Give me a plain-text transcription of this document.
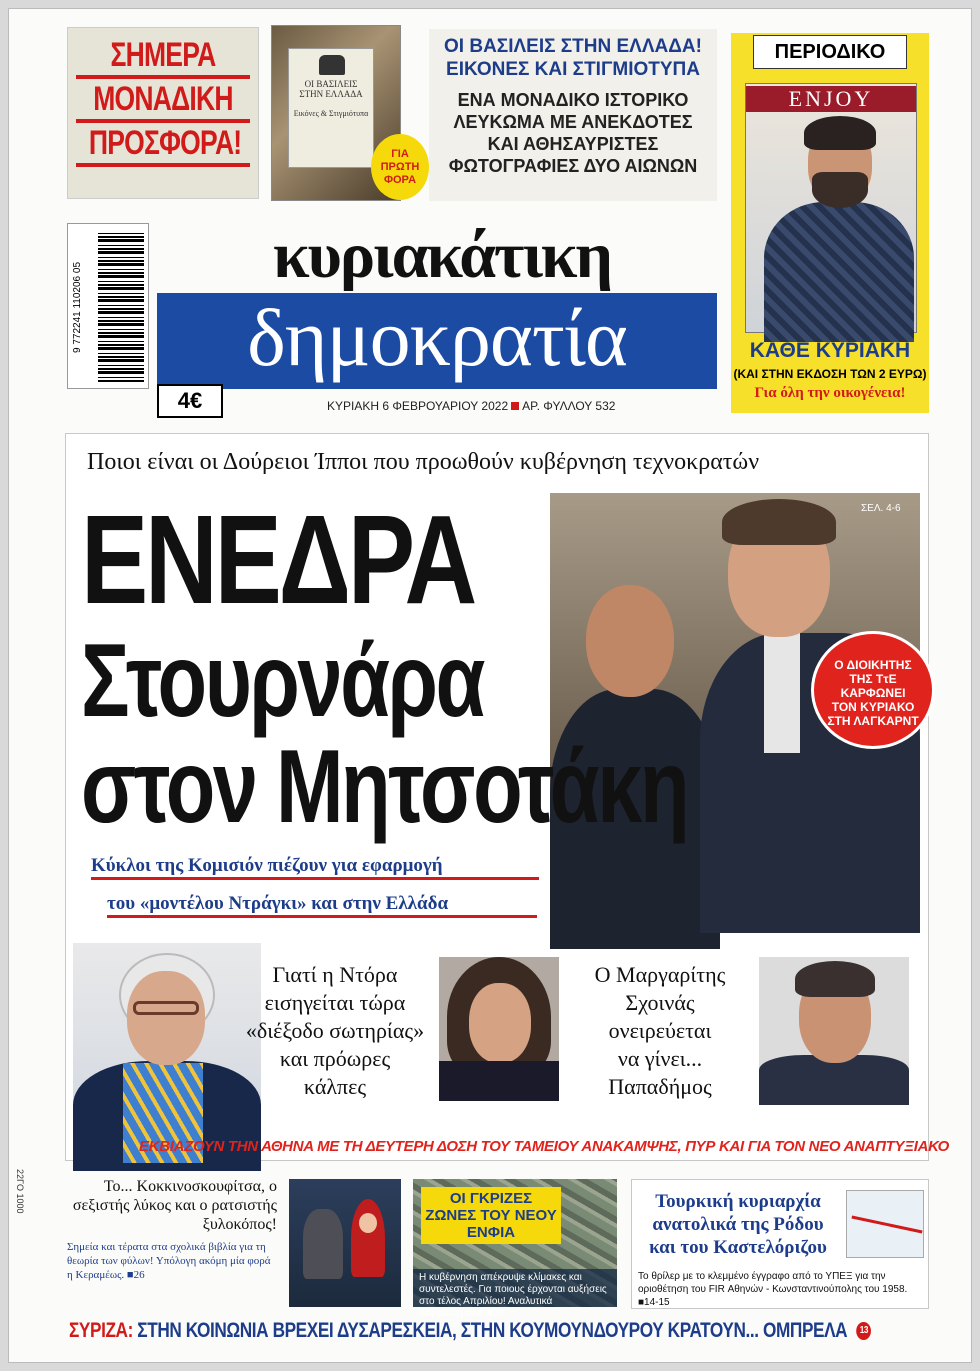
ΣΗΜΕΡΑ
ΜΟΝΑΔΙΚΗ
ΠΡΟΣΦΟΡΑ!
ΟΙ ΒΑΣΙΛΕΙΣ ΣΤΗΝ ΕΛΛΑΔΑ
Εικόνες & Στιγμιότυπα
ΓΙΑ
ΠΡΩΤΗ
ΦΟΡΑ
ΟΙ ΒΑΣΙΛΕΙΣ ΣΤΗΝ ΕΛΛΑΔΑ!
ΕΙΚΟΝΕΣ ΚΑΙ ΣΤΙΓΜΙΟΤΥΠΑ
ΕΝΑ ΜΟΝΑΔΙΚΟ ΙΣΤΟΡΙΚΟ
ΛΕΥΚΩΜΑ ΜΕ ΑΝΕΚΔΟΤΕΣ
ΚΑΙ ΑΘΗΣΑΥΡΙΣΤΕΣ
ΦΩΤΟΓΡΑΦΙΕΣ ΔΥΟ ΑΙΩΝΩΝ
ΠΕΡΙΟΔΙΚΟ
ENJOY
ΚΑΘΕ ΚΥΡΙΑΚΗ
(ΚΑΙ ΣΤΗΝ ΕΚΔΟΣΗ ΤΩΝ 2 ΕΥΡΩ)
Για όλη την οικογένεια!
9 772241 110206 05
κυριακάτικη
δημοκρατία
4€	ΚΥΡΙΑΚΗ 6 ΦΕΒΡΟΥΑΡΙΟΥ 2022 ΑΡ. ΦΥΛΛΟΥ 532
Ποιοι είναι οι Δούρειοι Ίπποι που προωθούν κυβέρνηση τεχνοκρατών
ΣΕΛ. 4-6
Ο ΔΙΟΙΚΗΤΗΣ
ΤΗΣ ΤτΕ
ΚΑΡΦΩΝΕΙ
ΤΟΝ ΚΥΡΙΑΚΟ
ΣΤΗ ΛΑΓΚΑΡΝΤ
ΕΝΕΔΡΑ
Στουρνάρα
στον Μητσοτάκη
Κύκλοι της Κομισιόν πιέζουν για εφαρμογή
του «μοντέλου Ντράγκι» και στην Ελλάδα
Γιατί η Ντόρα
εισηγείται τώρα
«διέξοδο σωτηρίας»
και πρόωρες
κάλπες
Ο Μαργαρίτης
Σχοινάς
ονειρεύεται
να γίνει...
Παπαδήμος
ΕΚΒΙΑΖΟΥΝ ΤΗΝ ΑΘΗΝΑ ΜΕ ΤΗ ΔΕΥΤΕΡΗ ΔΟΣΗ ΤΟΥ ΤΑΜΕΙΟΥ ΑΝΑΚΑΜΨΗΣ, ΠΥΡ ΚΑΙ ΓΙΑ ΤΟΝ ΝΕΟ ΑΝΑΠΤΥΞΙΑΚΟ
Το... Κοκκινοσκουφίτσα, ο σεξιστής λύκος και ο ρατσιστής ξυλοκόπος!
Σημεία και τέρατα στα σχολικά βιβλία για τη θεωρία των φύλων! Υπόλογη ακόμη μία φορά η Κεραμέως. ■26
ΟΙ ΓΚΡΙΖΕΣ ΖΩΝΕΣ ΤΟΥ ΝΕΟΥ ΕΝΦΙΑ
Η κυβέρνηση απέκρυψε κλίμακες και συντελεστές. Για ποιους έρχονται αυξήσεις στο τέλος Απριλίου! Αναλυτικά παραδείγματα. ■29
Τουρκική κυριαρχία ανατολικά της Ρόδου και του Καστελόριζου
Το θρίλερ με το κλεμμένο έγγραφο από το ΥΠΕΞ για την οριοθέτηση του FIR Αθηνών - Κωνσταντινούπολης του 1958. ■14-15
ΣΥΡΙΖΑ: ΣΤΗΝ ΚΟΙΝΩΝΙΑ ΒΡΕΧΕΙ ΔΥΣΑΡΕΣΚΕΙΑ, ΣΤΗΝ ΚΟΥΜΟΥΝΔΟΥΡΟΥ ΚΡΑΤΟΥΝ... ΟΜΠΡΕΛΑ 13
22ΓΟ 1000
